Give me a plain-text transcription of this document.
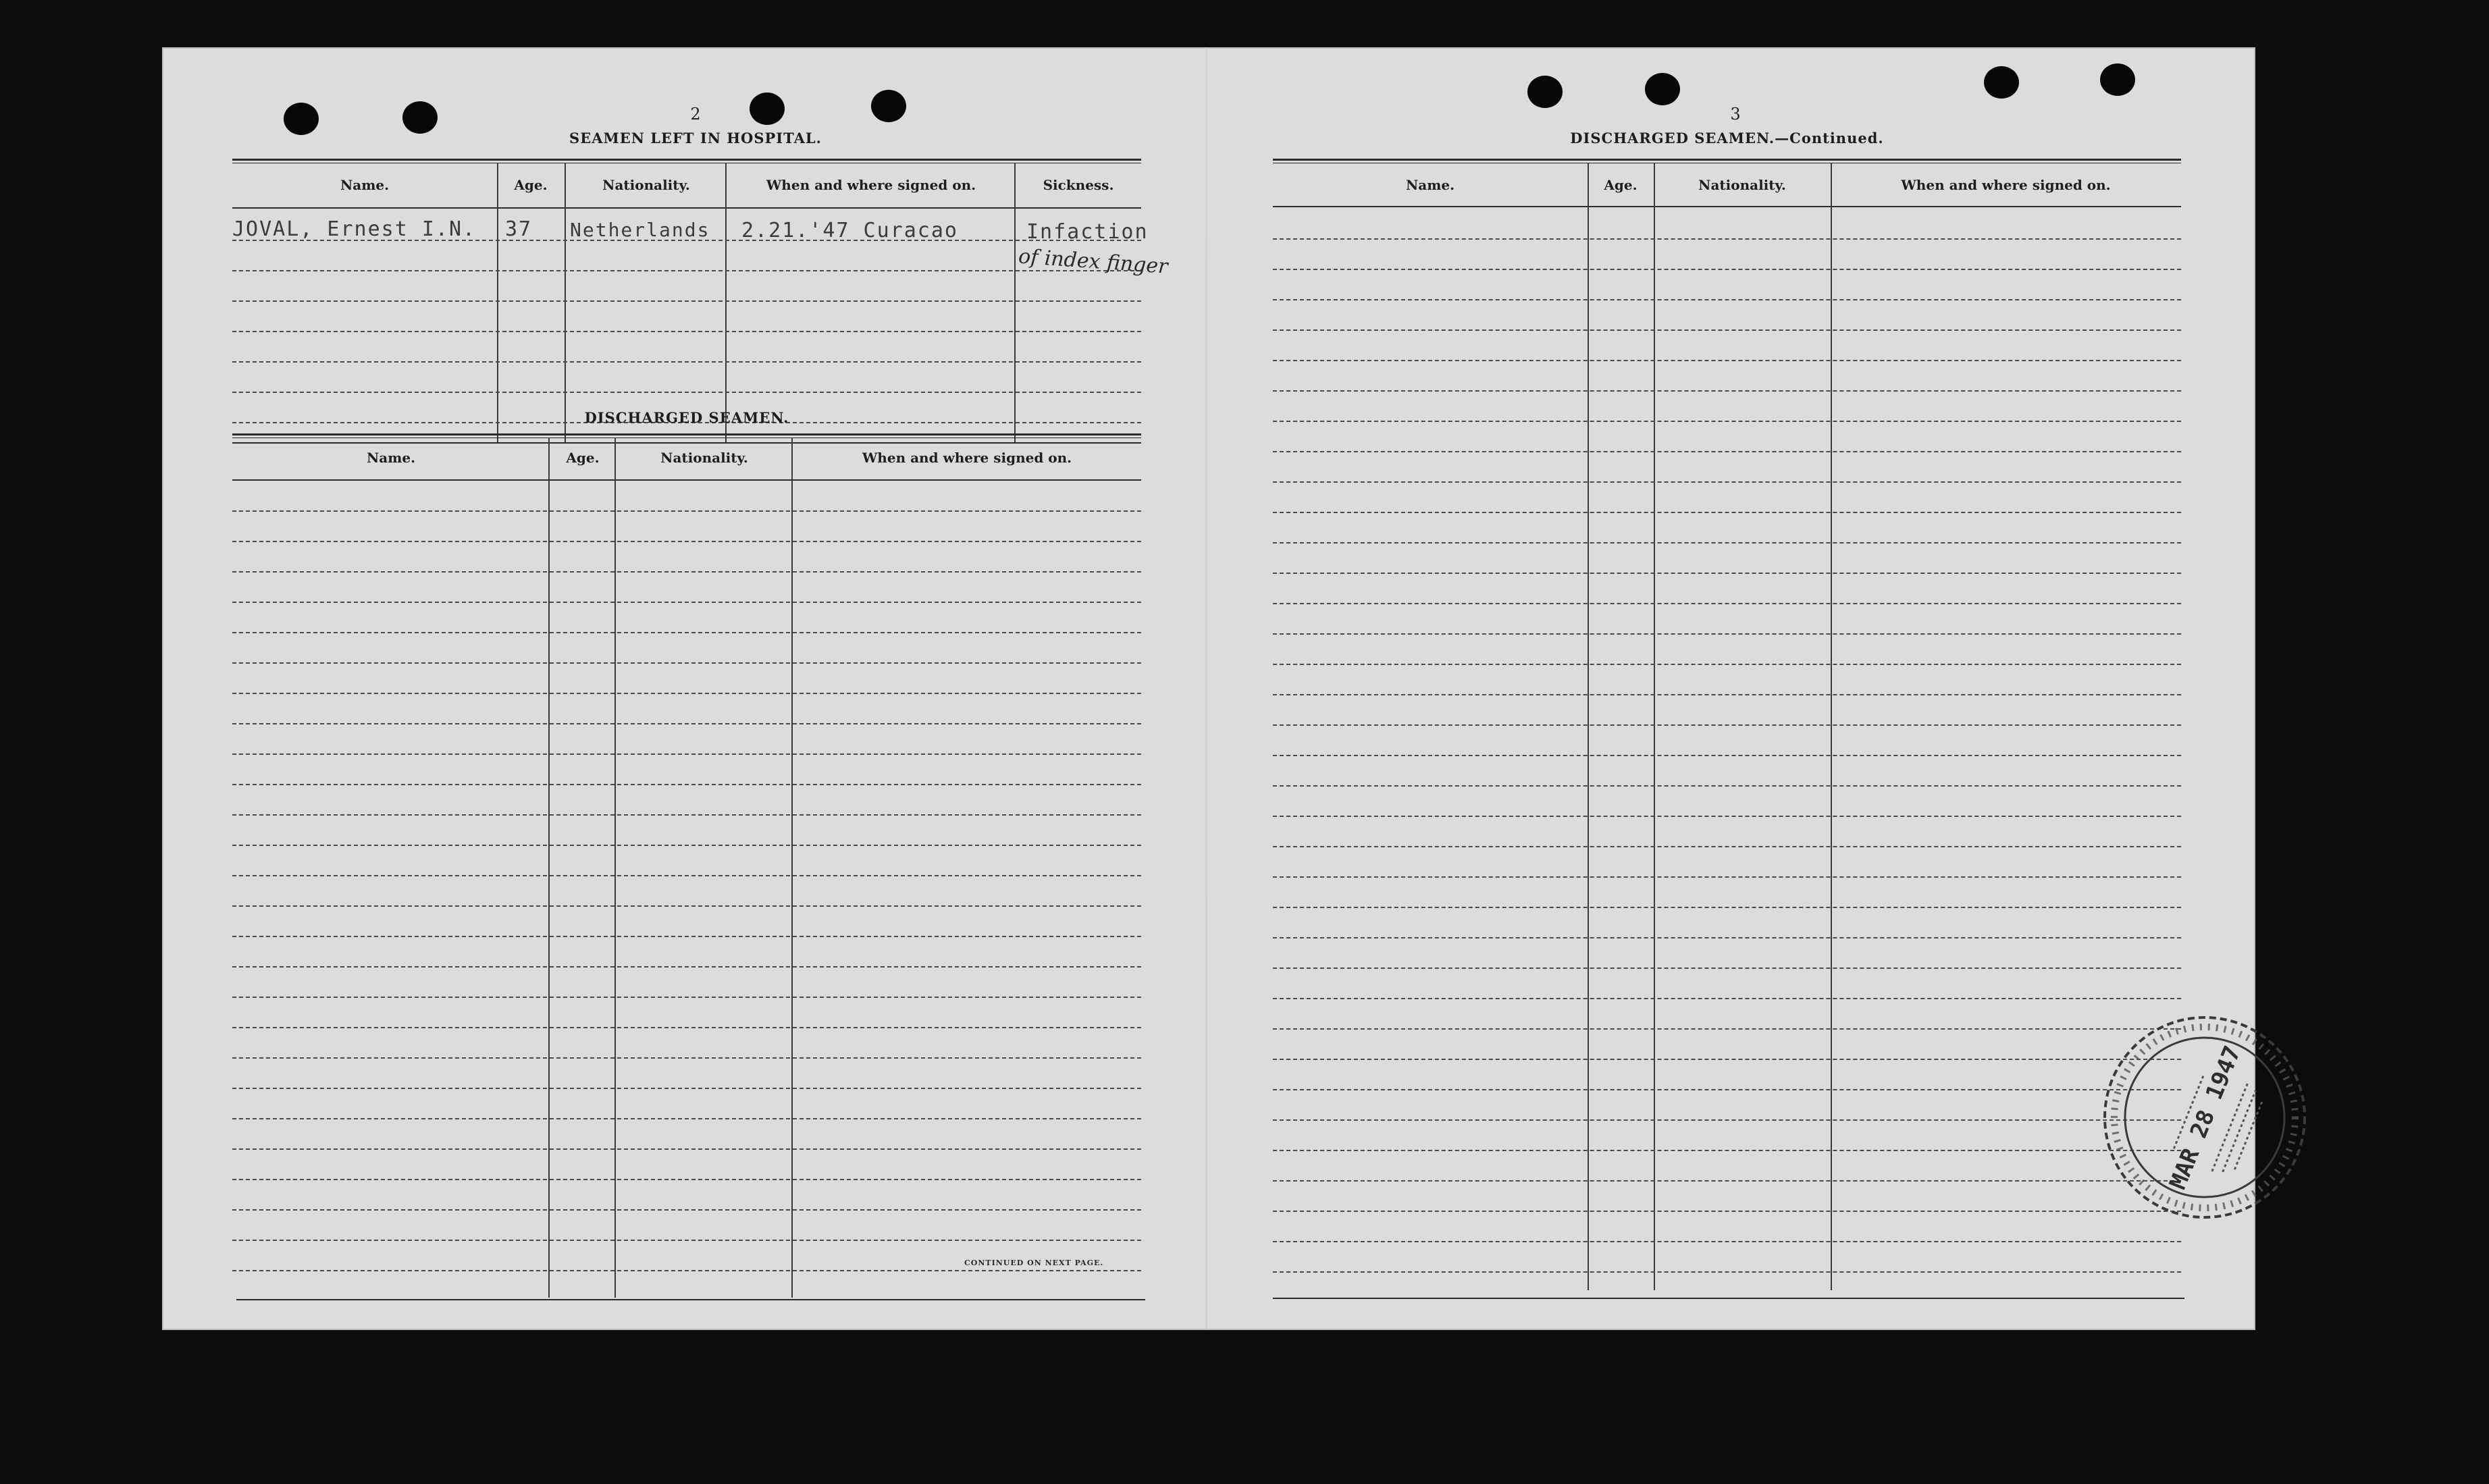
2
SEAMEN LEFT IN HOSPITAL.
Name.	Age.	Nationality.	When and where signed on.	Sickness.
JOVAL, Ernest I.N. 37 Netherlands 2.21.'47 Curacao	Infaction
of index finger
DISCHARGED SEAMEN.
Name.	Age.	Nationality.	When and where signed on.
CONTINUED ON NEXT PAGE.
3
DISCHARGED SEAMEN.—Continued.
Name.	Age.	Nationality.	When and where signed on.
MAR 28 1947
